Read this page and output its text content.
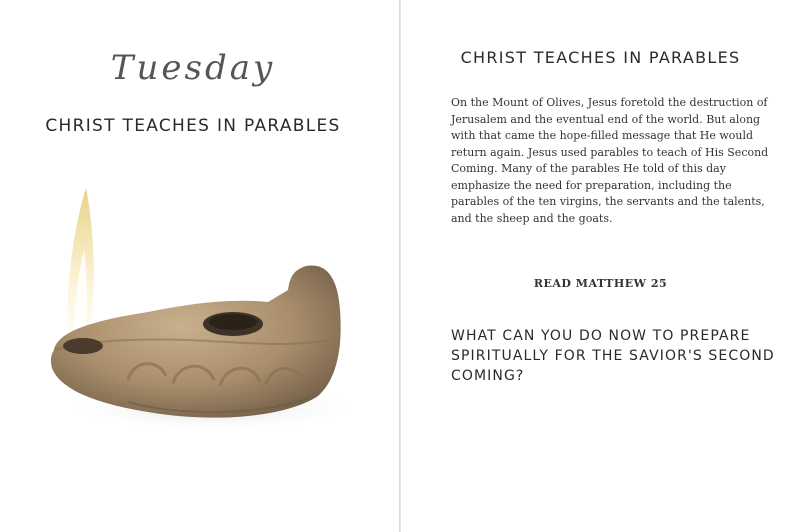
Tuesday
CHRIST TEACHES IN PARABLES
CHRIST TEACHES IN PARABLES
On the Mount of Olives, Jesus foretold the destruction of Jerusalem and the eventual end of the world. But along with that came the hope-filled message that He would return again. Jesus used parables to teach of His Second Coming. Many of the parables He told of this day emphasize the need for preparation, including the parables of the ten virgins, the servants and the talents, and the sheep and the goats.
READ MATTHEW 25
WHAT CAN YOU DO NOW TO PREPARE SPIRITUALLY FOR THE SAVIOR'S SECOND COMING?
